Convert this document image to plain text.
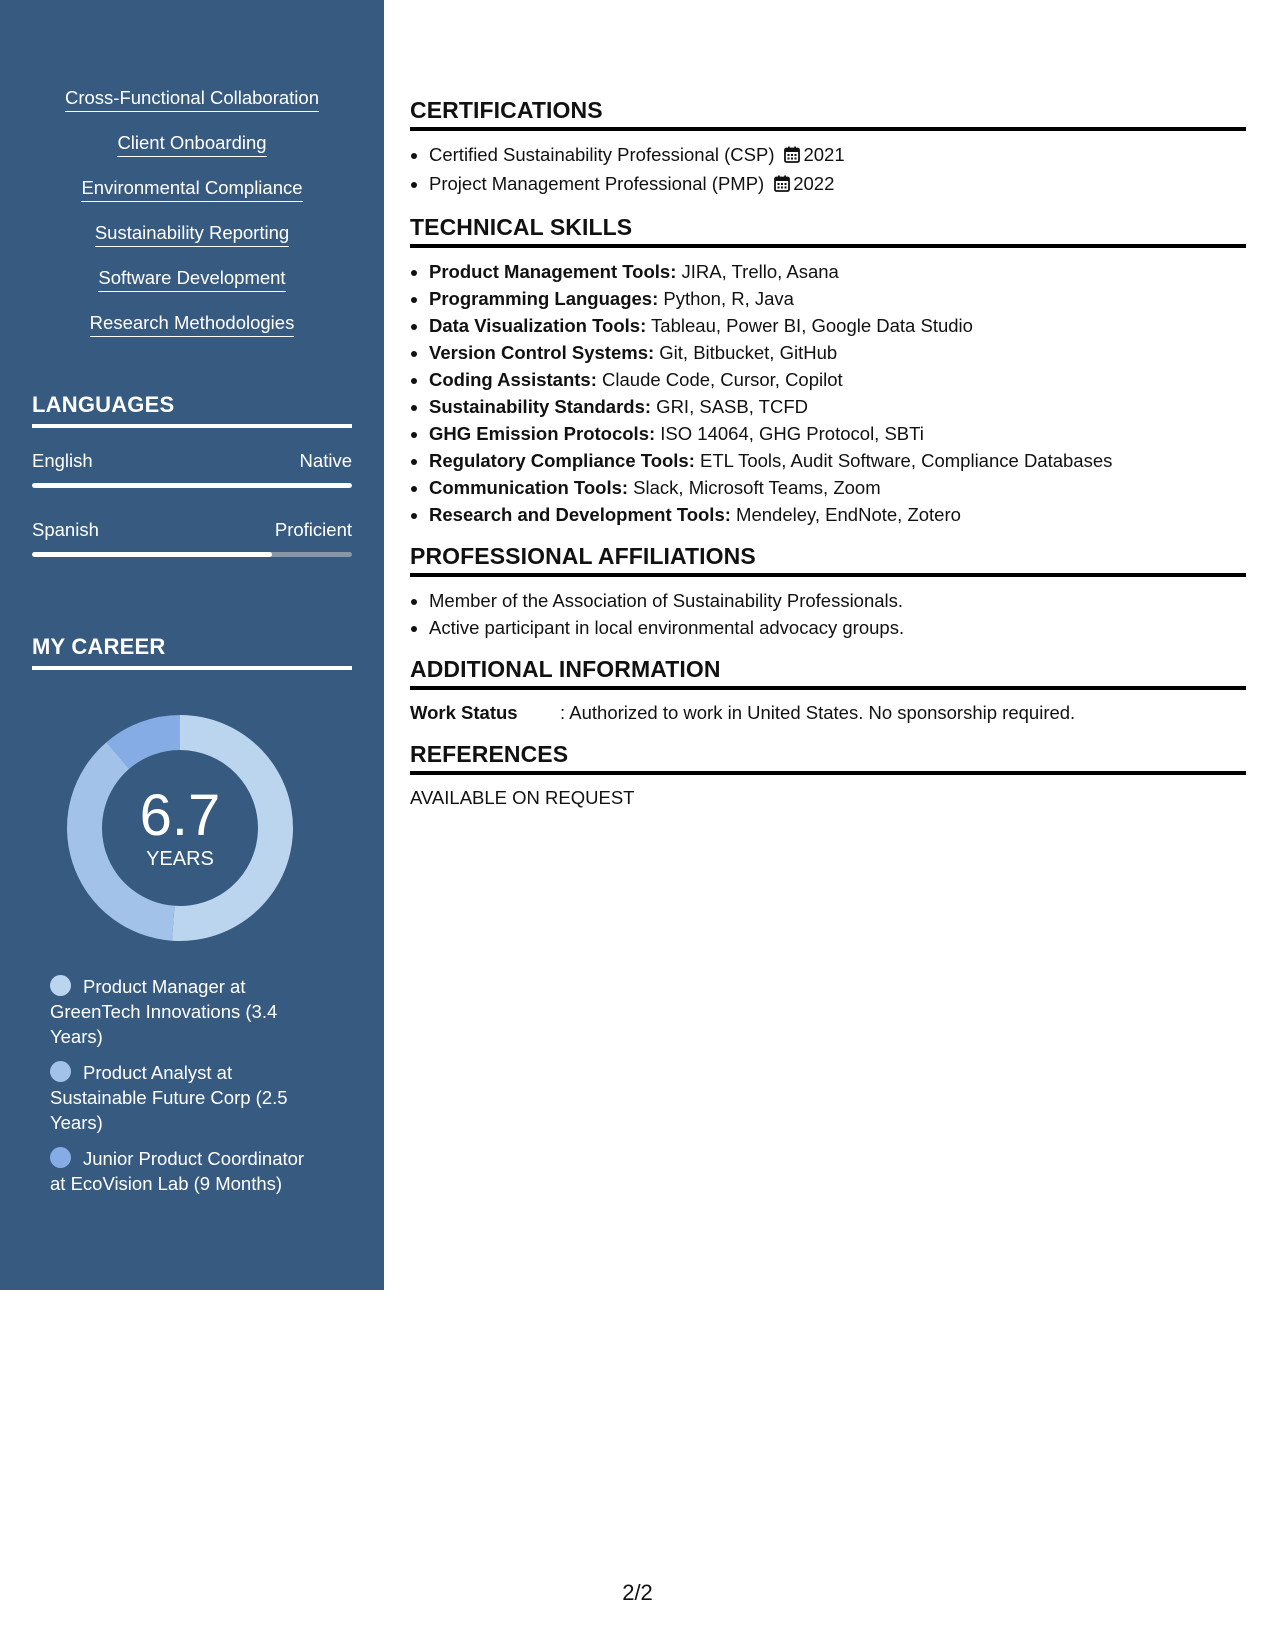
Cross-Functional Collaboration
Client Onboarding
Environmental Compliance
Sustainability Reporting
Software Development
Research Methodologies
LANGUAGES
English	Native
Spanish	Proficient
MY CAREER
6.7
YEARS
Product Manager at GreenTech Innovations (3.4 Years)
Product Analyst at Sustainable Future Corp (2.5 Years)
Junior Product Coordinator at EcoVision Lab (9 Months)
CERTIFICATIONS
• Certified Sustainability Professional (CSP) 2021
• Project Management Professional (PMP) 2022
TECHNICAL SKILLS
• Product Management Tools: JIRA, Trello, Asana
• Programming Languages: Python, R, Java
• Data Visualization Tools: Tableau, Power BI, Google Data Studio
• Version Control Systems: Git, Bitbucket, GitHub
• Coding Assistants: Claude Code, Cursor, Copilot
• Sustainability Standards: GRI, SASB, TCFD
• GHG Emission Protocols: ISO 14064, GHG Protocol, SBTi
• Regulatory Compliance Tools: ETL Tools, Audit Software, Compliance Databases
• Communication Tools: Slack, Microsoft Teams, Zoom
• Research and Development Tools: Mendeley, EndNote, Zotero
PROFESSIONAL AFFILIATIONS
• Member of the Association of Sustainability Professionals.
• Active participant in local environmental advocacy groups.
ADDITIONAL INFORMATION
Work Status : Authorized to work in United States. No sponsorship required.
REFERENCES
AVAILABLE ON REQUEST
2/2
